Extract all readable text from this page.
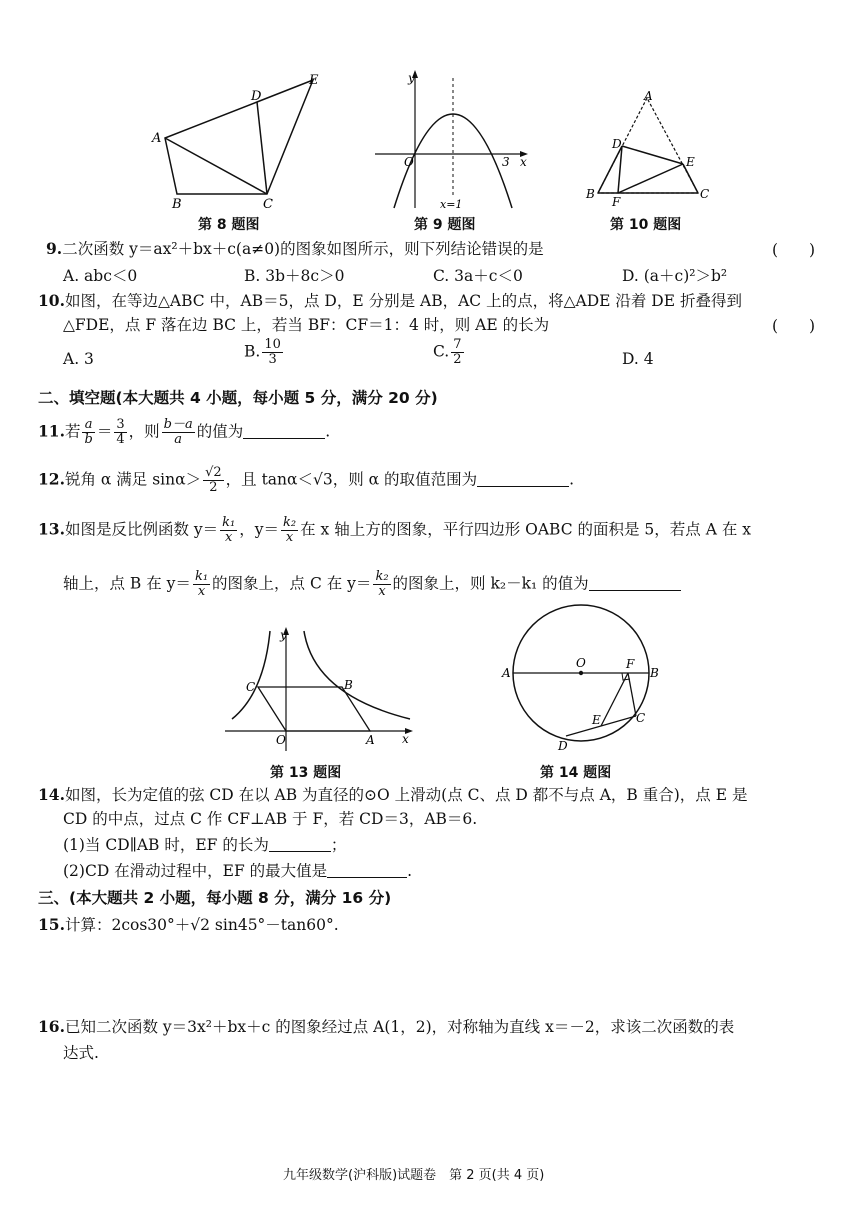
A
B	C
D
E
第 8 题图
y
O	3 x
x=1
第 9 题图
A
D
E
B
F
C
第 10 题图
9.二次函数 y＝ax²＋bx＋c(a≠0)的图象如图所示，则下列结论错误的是	(　　)
A. abc＜0	B. 3b＋8c＞0	C. 3a＋c＜0	D. (a＋c)²＞b²
10.如图，在等边△ABC 中，AB＝5，点 D，E 分别是 AB，AC 上的点，将△ADE 沿着 DE 折叠得到
△FDE，点 F 落在边 BC 上，若当 BF：CF＝1：4 时，则 AE 的长为	(　　)
A. 3	B. $\frac{10}{3}$	C. $\frac{7}{2}$	D. 4
二、填空题(本大题共 4 小题，每小题 5 分，满分 20 分)
11.若 $\frac{a}{b} = \frac{3}{4}$ ，则 $\frac{b-a}{a}$ 的值为	.
12.锐角 α 满足 $\sin\alpha> \frac{√2}{2}$ ，且 tanα＜√3，则 α 的取值范围为	.
13.如图是反比例函数 $y= \frac{\text{k₁}}{x}$ ，$y= \frac{\text{k₂}}{x}$ 在 x 轴上方的图象，平行四边形 OABC 的面积是 5，若点 A 在 x
轴上，点 B 在 $y= \frac{\text{k₁}}{x}$ 的图象上，点 C 在 $y= \frac{\text{k₂}}{x}$ 的图象上，则 k₂－k₁ 的值为
y
C	B
O	A x
第 13 题图
A
O	F
B
E	C
D
第 14 题图
14.如图，长为定值的弦 CD 在以 AB 为直径的⊙O 上滑动(点 C、点 D 都不与点 A，B 重合)，点 E 是
CD 的中点，过点 C 作 CF⊥AB 于 F，若 CD＝3，AB＝6.
(1)当 CD∥AB 时，EF 的长为	；
(2)CD 在滑动过程中，EF 的最大值是	.
三、(本大题共 2 小题，每小题 8 分，满分 16 分)
15.计算：2cos30°＋√2 sin45°－tan60°.
16.已知二次函数 y＝3x²＋bx＋c 的图象经过点 A(1，2)，对称轴为直线 x＝－2，求该二次函数的表
达式.
九年级数学(沪科版)试题卷　第 2 页(共 4 页)
